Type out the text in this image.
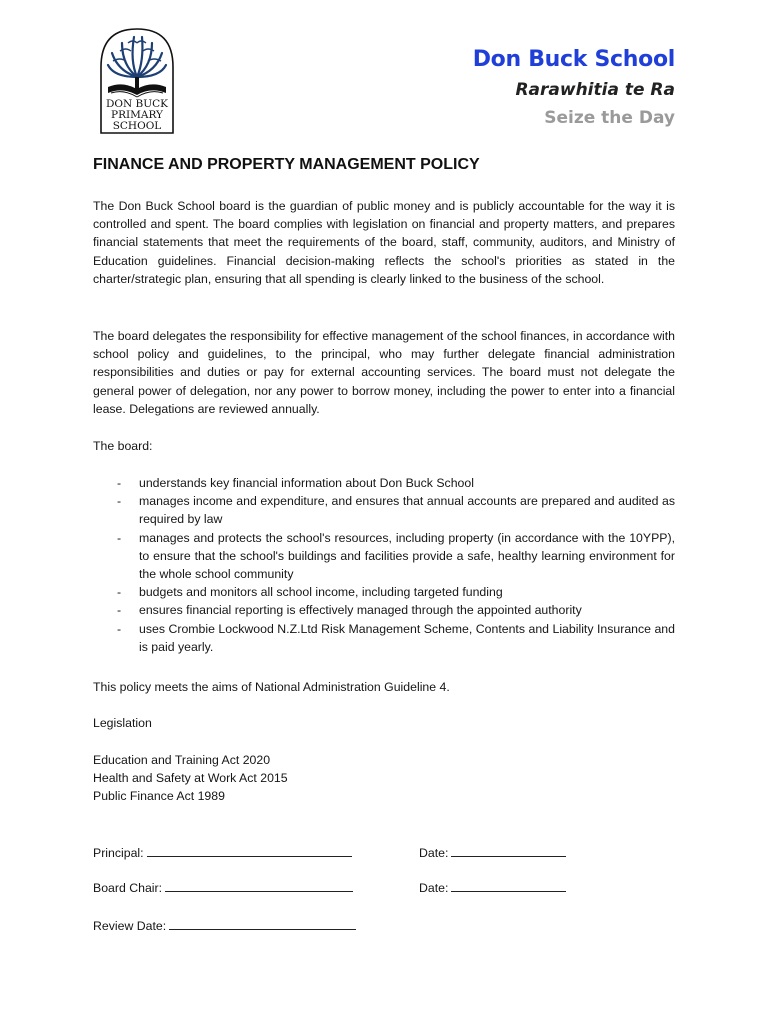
DON BUCK
PRIMARY
SCHOOL
Don Buck School
Rarawhitia te Ra
Seize the Day
FINANCE AND PROPERTY MANAGEMENT POLICY
The Don Buck School board is the guardian of public money and is publicly accountable for the way it is controlled and spent. The board complies with legislation on financial and property matters, and prepares financial statements that meet the requirements of the board, staff, community, auditors, and Ministry of Education guidelines. Financial decision-making reflects the school's priorities as stated in the charter/strategic plan, ensuring that all spending is clearly linked to the business of the school.
The board delegates the responsibility for effective management of the school finances, in accordance with school policy and guidelines, to the principal, who may further delegate financial administration responsibilities and duties or pay for external accounting services. The board must not delegate the general power of delegation, nor any power to borrow money, including the power to enter into a financial lease. Delegations are reviewed annually.
The board:
- understands key financial information about Don Buck School
- manages income and expenditure, and ensures that annual accounts are prepared and audited as required by law
- manages and protects the school's resources, including property (in accordance with the 10YPP), to ensure that the school's buildings and facilities provide a safe, healthy learning environment for the whole school community
- budgets and monitors all school income, including targeted funding
- ensures financial reporting is effectively managed through the appointed authority
- uses Crombie Lockwood N.Z.Ltd Risk Management Scheme, Contents and Liability Insurance and is paid yearly.
This policy meets the aims of National Administration Guideline 4.
Legislation
Education and Training Act 2020
Health and Safety at Work Act 2015
Public Finance Act 1989
Principal:	Date:
Board Chair:	Date:
Review Date:
